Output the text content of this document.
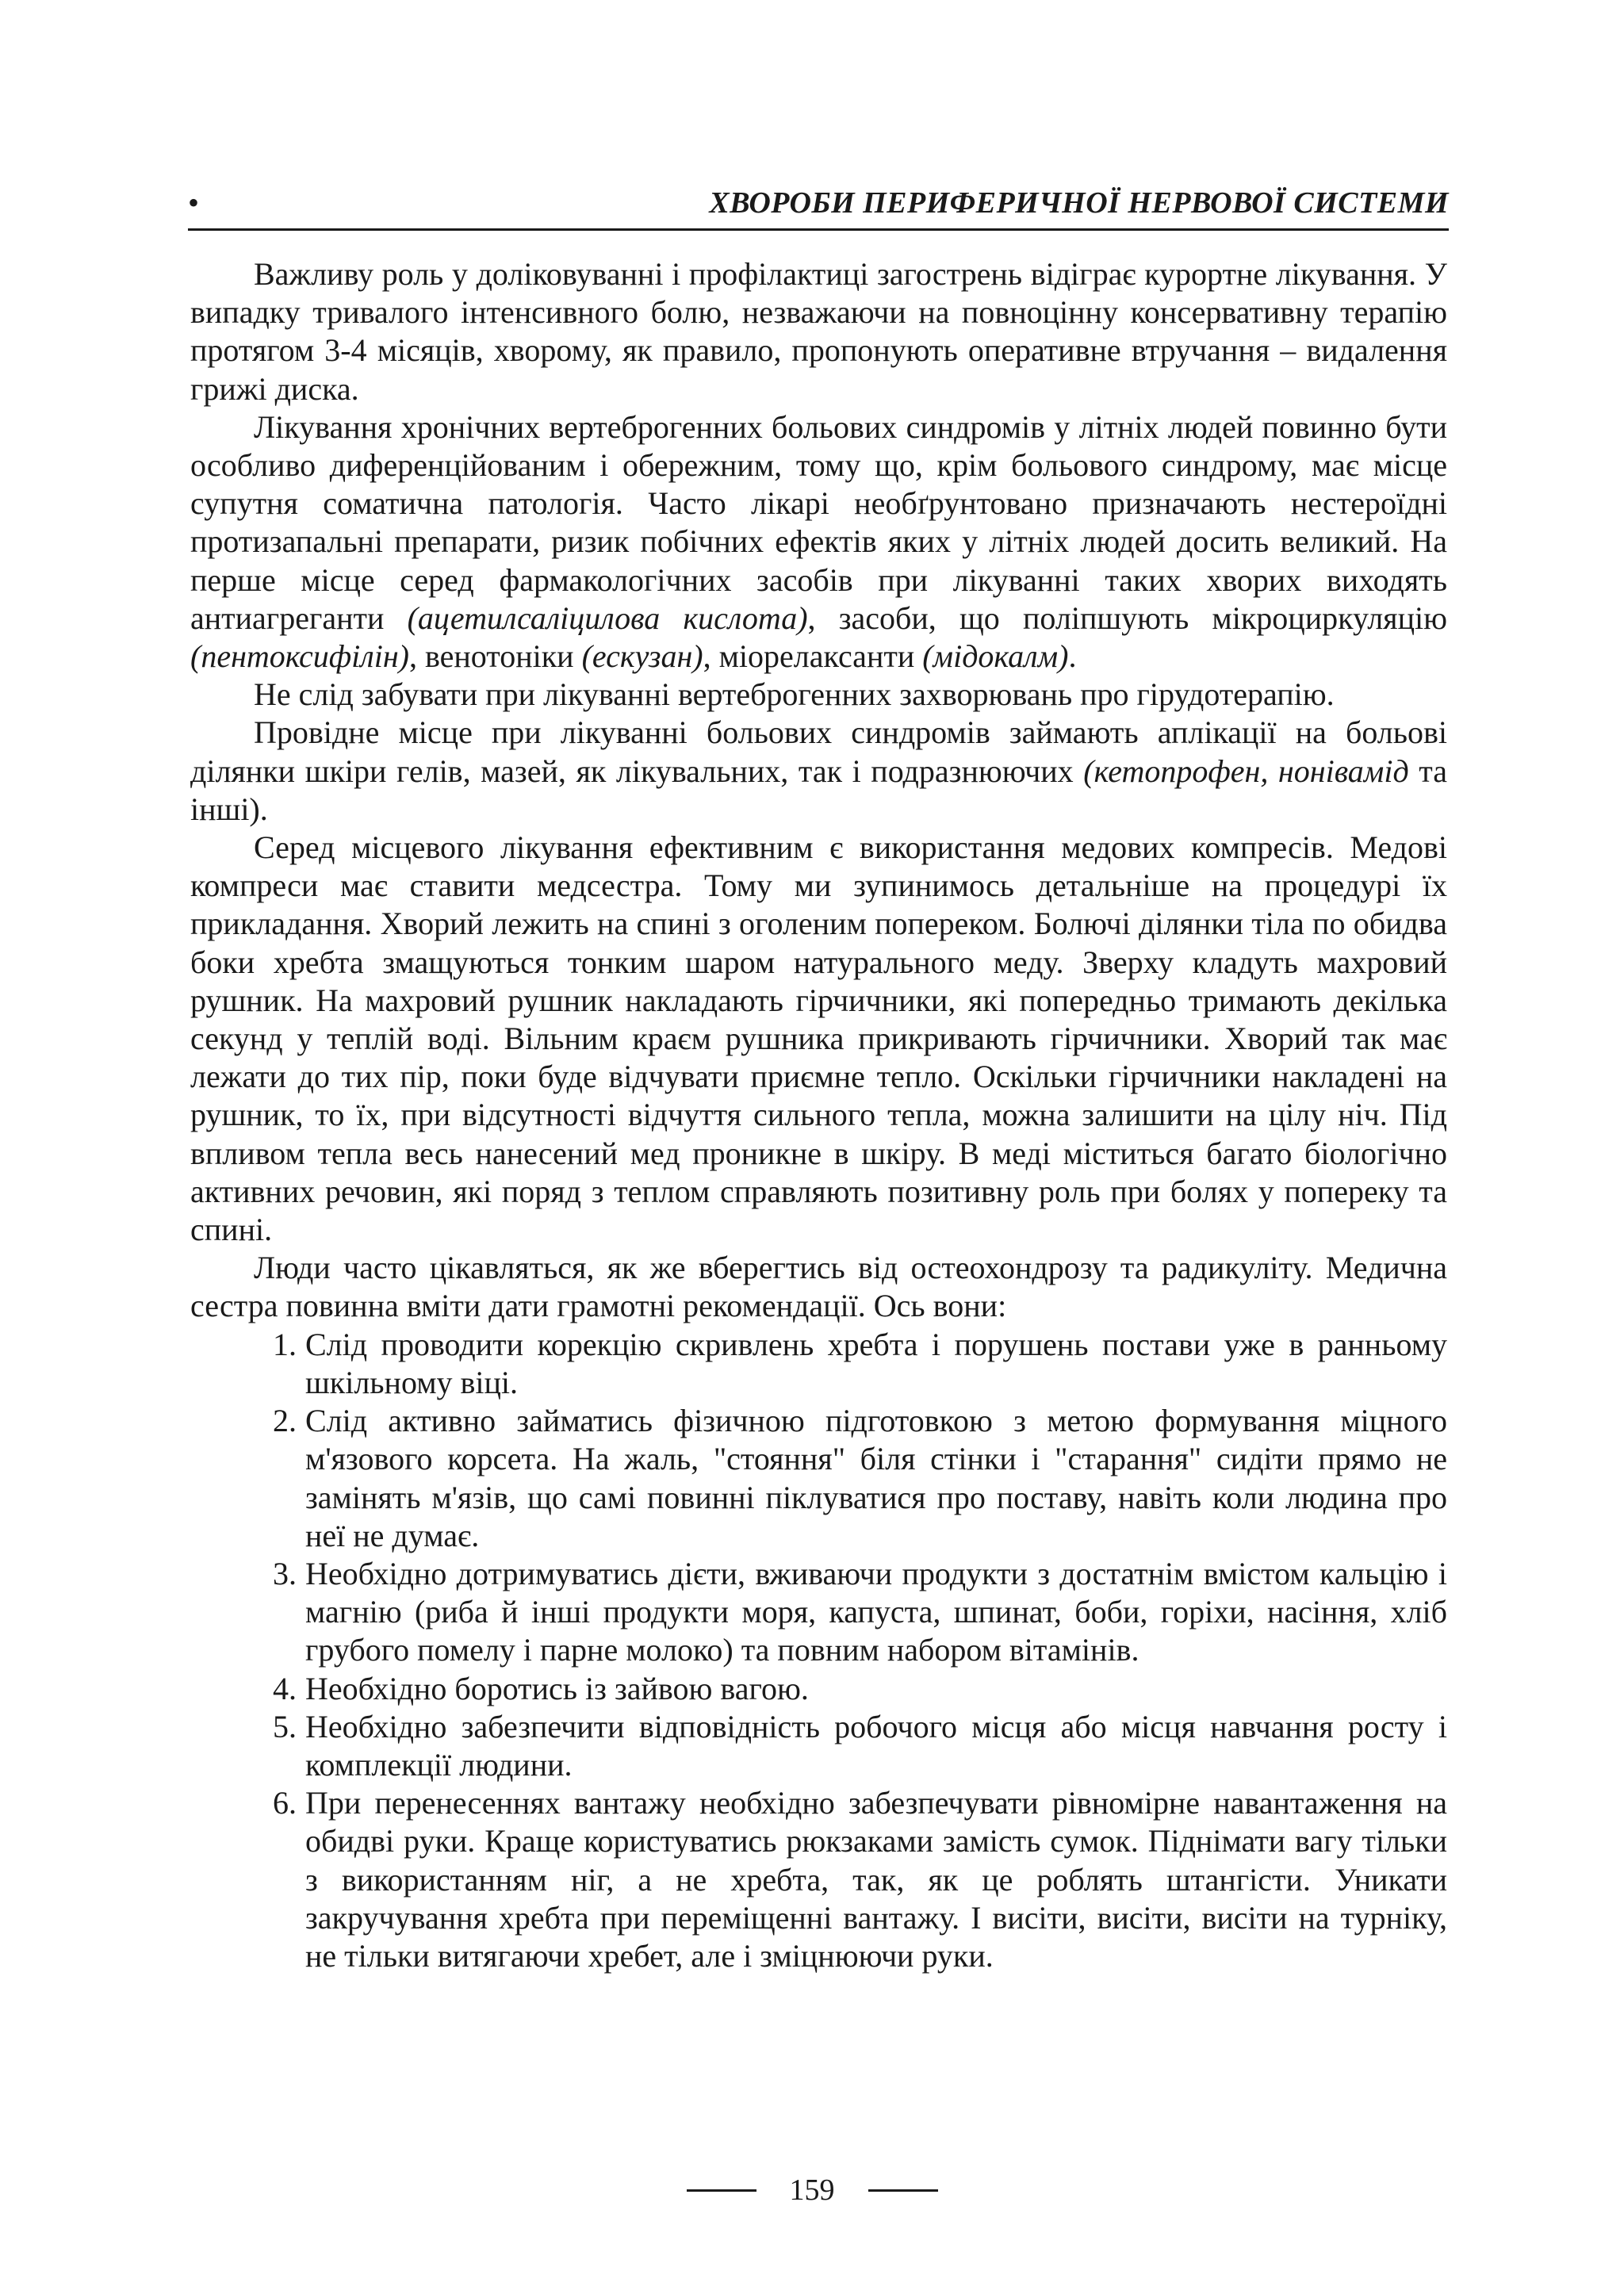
•	ХВОРОБИ ПЕРИФЕРИЧНОЇ НЕРВОВОЇ СИСТЕМИ

Важливу роль у доліковуванні і профілактиці загострень відіграє курортне лікування. У випадку тривалого інтенсивного болю, незважаючи на повноцінну консервативну терапію протягом 3-4 місяців, хворому, як правило, пропонують оперативне втручання – видалення грижі диска.

Лікування хронічних вертеброгенних больових синдромів у літніх людей повинно бути особливо диференційованим і обережним, тому що, крім больового синдрому, має місце супутня соматична патологія. Часто лікарі необґрунтовано призначають нестероїдні протизапальні препарати, ризик побічних ефектів яких у літніх людей досить великий. На перше місце серед фармакологічних засобів при лікуванні таких хворих виходять антиагреганти (ацетилсаліцилова кислота), засоби, що поліпшують мікроциркуляцію (пентоксифілін), венотоніки (ескузан), міорелаксанти (мідокалм).

Не слід забувати при лікуванні вертеброгенних захворювань про гірудотерапію.

Провідне місце при лікуванні больових синдромів займають аплікації на больові ділянки шкіри гелів, мазей, як лікувальних, так і подразнюючих (кетопрофен, нонівамід та інші).

Серед місцевого лікування ефективним є використання медових компресів. Медові компреси має ставити медсестра. Тому ми зупинимось детальніше на процедурі їх прикладання. Хворий лежить на спині з оголеним попереком. Болючі ділянки тіла по обидва боки хребта змащуються тонким шаром натурального меду. Зверху кладуть махровий рушник. На махровий рушник накладають гірчичники, які попередньо тримають декілька секунд у теплій воді. Вільним краєм рушника прикривають гірчичники. Хворий так має лежати до тих пір, поки буде відчувати приємне тепло. Оскільки гірчичники накладені на рушник, то їх, при відсутності відчуття сильного тепла, можна залишити на цілу ніч. Під впливом тепла весь нанесений мед проникне в шкіру. В меді міститься багато біологічно активних речовин, які поряд з теплом справляють позитивну роль при болях у попереку та спині.

Люди часто цікавляться, як же вберегтись від остеохондрозу та радикуліту. Медична сестра повинна вміти дати грамотні рекомендації. Ось вони:

1. Слід проводити корекцію скривлень хребта і порушень постави уже в ранньому шкільному віці.
2. Слід активно займатись фізичною підготовкою з метою формування міцного м'язового корсета. На жаль, "стояння" біля стінки і "старання" сидіти прямо не замінять м'язів, що самі повинні піклуватися про поставу, навіть коли людина про неї не думає.
3. Необхідно дотримуватись дієти, вживаючи продукти з достатнім вмістом кальцію і магнію (риба й інші продукти моря, капуста, шпинат, боби, горіхи, насіння, хліб грубого помелу і парне молоко) та повним набором вітамінів.
4. Необхідно боротись із зайвою вагою.
5. Необхідно забезпечити відповідність робочого місця або місця навчання росту і комплекції людини.
6. При перенесеннях вантажу необхідно забезпечувати рівномірне навантаження на обидві руки. Краще користуватись рюкзаками замість сумок. Піднімати вагу тільки з використанням ніг, а не хребта, так, як це роблять штангісти. Уникати закручування хребта при переміщенні вантажу. І висіти, висіти, висіти на турніку, не тільки витягаючи хребет, але і зміцнюючи руки.
159
